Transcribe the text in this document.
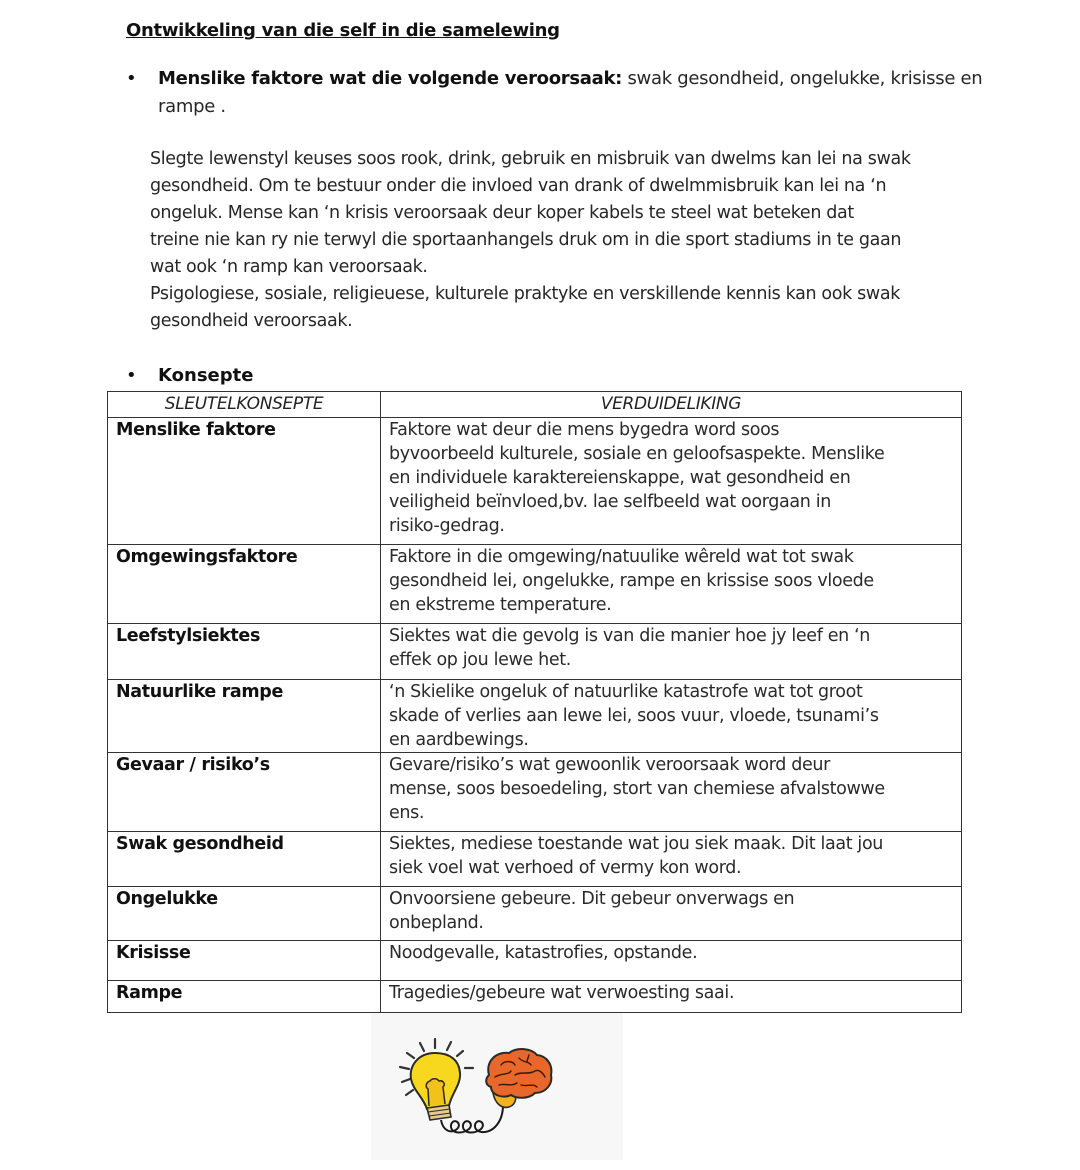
Ontwikkeling van die self in die samelewing
•	Menslike faktore wat die volgende veroorsaak: swak gesondheid, ongelukke, krisisse en
rampe .

Slegte lewenstyl keuses soos rook, drink, gebruik en misbruik van dwelms kan lei na swak
gesondheid. Om te bestuur onder die invloed van drank of dwelmmisbruik kan lei na ‘n
ongeluk. Mense kan ‘n krisis veroorsaak deur koper kabels te steel wat beteken dat
treine nie kan ry nie terwyl die sportaanhangels druk om in die sport stadiums in te gaan
wat ook ‘n ramp kan veroorsaak.
Psigologiese, sosiale, religieuese, kulturele praktyke en verskillende kennis kan ook swak
gesondheid veroorsaak.

•	Konsepte
SLEUTELKONSEPTE	VERDUIDELIKING
Menslike faktore	Faktore wat deur die mens bygedra word soos
byvoorbeeld kulturele, sosiale en geloofsaspekte. Menslike
en individuele karaktereienskappe, wat gesondheid en
veiligheid beïnvloed,bv. lae selfbeeld wat oorgaan in
risiko-gedrag.

Omgewingsfaktore	Faktore in die omgewing/natuulike wêreld wat tot swak
gesondheid lei, ongelukke, rampe en krissise soos vloede
en ekstreme temperature.

Leefstylsiektes	Siektes wat die gevolg is van die manier hoe jy leef en ‘n
effek op jou lewe het.

Natuurlike rampe	‘n Skielike ongeluk of natuurlike katastrofe wat tot groot
skade of verlies aan lewe lei, soos vuur, vloede, tsunami’s
en aardbewings.

Gevaar / risiko’s	Gevare/risiko’s wat gewoonlik veroorsaak word deur
mense, soos besoedeling, stort van chemiese afvalstowwe
ens.

Swak gesondheid	Siektes, mediese toestande wat jou siek maak. Dit laat jou
siek voel wat verhoed of vermy kon word.

Ongelukke	Onvoorsiene gebeure. Dit gebeur onverwags en
onbepland.

Krisisse	Noodgevalle, katastrofies, opstande.

Rampe	Tragedies/gebeure wat verwoesting saai.
